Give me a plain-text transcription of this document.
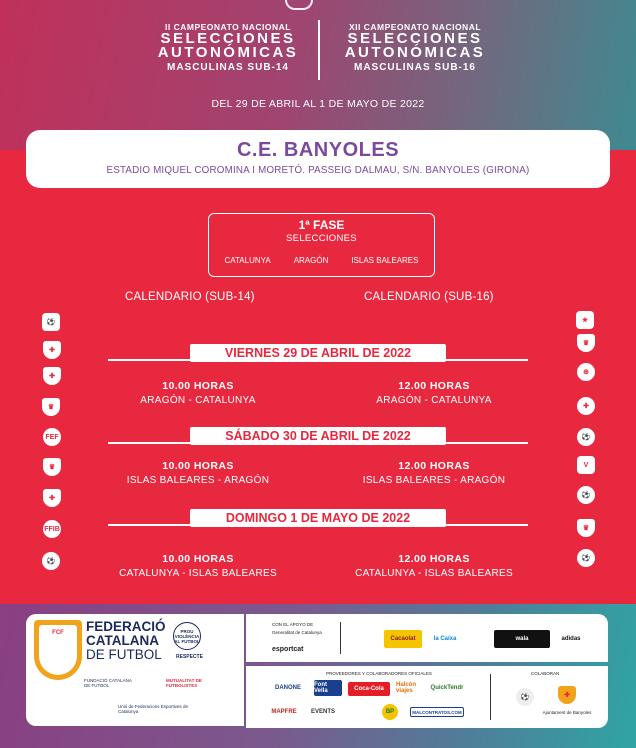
II CAMPEONATO NACIONAL
SELECCIONES
AUTONÓMICAS
MASCULINAS SUB-14
XII CAMPEONATO NACIONAL
SELECCIONES
AUTONÓMICAS
MASCULINAS SUB-16
DEL 29 DE ABRIL AL 1 DE MAYO DE 2022
C.E. BANYOLES
ESTADIO MIQUEL COROMINA I MORETÓ. PASSEIG DALMAU, S/N. BANYOLES (GIRONA)
1ª FASE
SELECCIONES
CATALUNYA	ARAGÓN	ISLAS BALEARES
CALENDARIO (SUB-14)	CALENDARIO (SUB-16)
VIERNES 29 DE ABRIL DE 2022
10.00 HORAS
ARAGÓN - CATALUNYA
12.00 HORAS
ARAGÓN - CATALUNYA
SÁBADO 30 DE ABRIL DE 2022
10.00 HORAS
ISLAS BALEARES - ARAGÓN
12.00 HORAS
ISLAS BALEARES - ARAGÓN
DOMINGO 1 DE MAYO DE 2022
10.00 HORAS
CATALUNYA - ISLAS BALEARES
12.00 HORAS
CATALUNYA - ISLAS BALEARES
⚽
✚
✚
♛
FEF
♛
✚
FFIB
⚽
★
♛
⊕
✚
⚽
V
⚽
♛
⚽
FCF	FEDERACIÓ
CATALANA
DE FUTBOL
PROU VIOLÈNCIA AL FUTBOL
RESPECTE
FUNDACIÓ CATALANA DE FUTBOL
MUTUALITAT DE FUTBOLISTES
Unió de Federacions Esportives de Catalunya
CON EL APOYO DE
Generalitat de Catalunya
esportcat
Cacaolat	la Caixa	wala	adidas
PROVEEDORES Y COLABORADORES OFICIALES
DANONE	Font Vella	Coca-Cola
Halcón viajes	QuickTendr
MAPFRE	EVENTS	BP	MALCONTRATOS.COM
COLABORAN
⚽	✚
Ajuntament de Banyoles
